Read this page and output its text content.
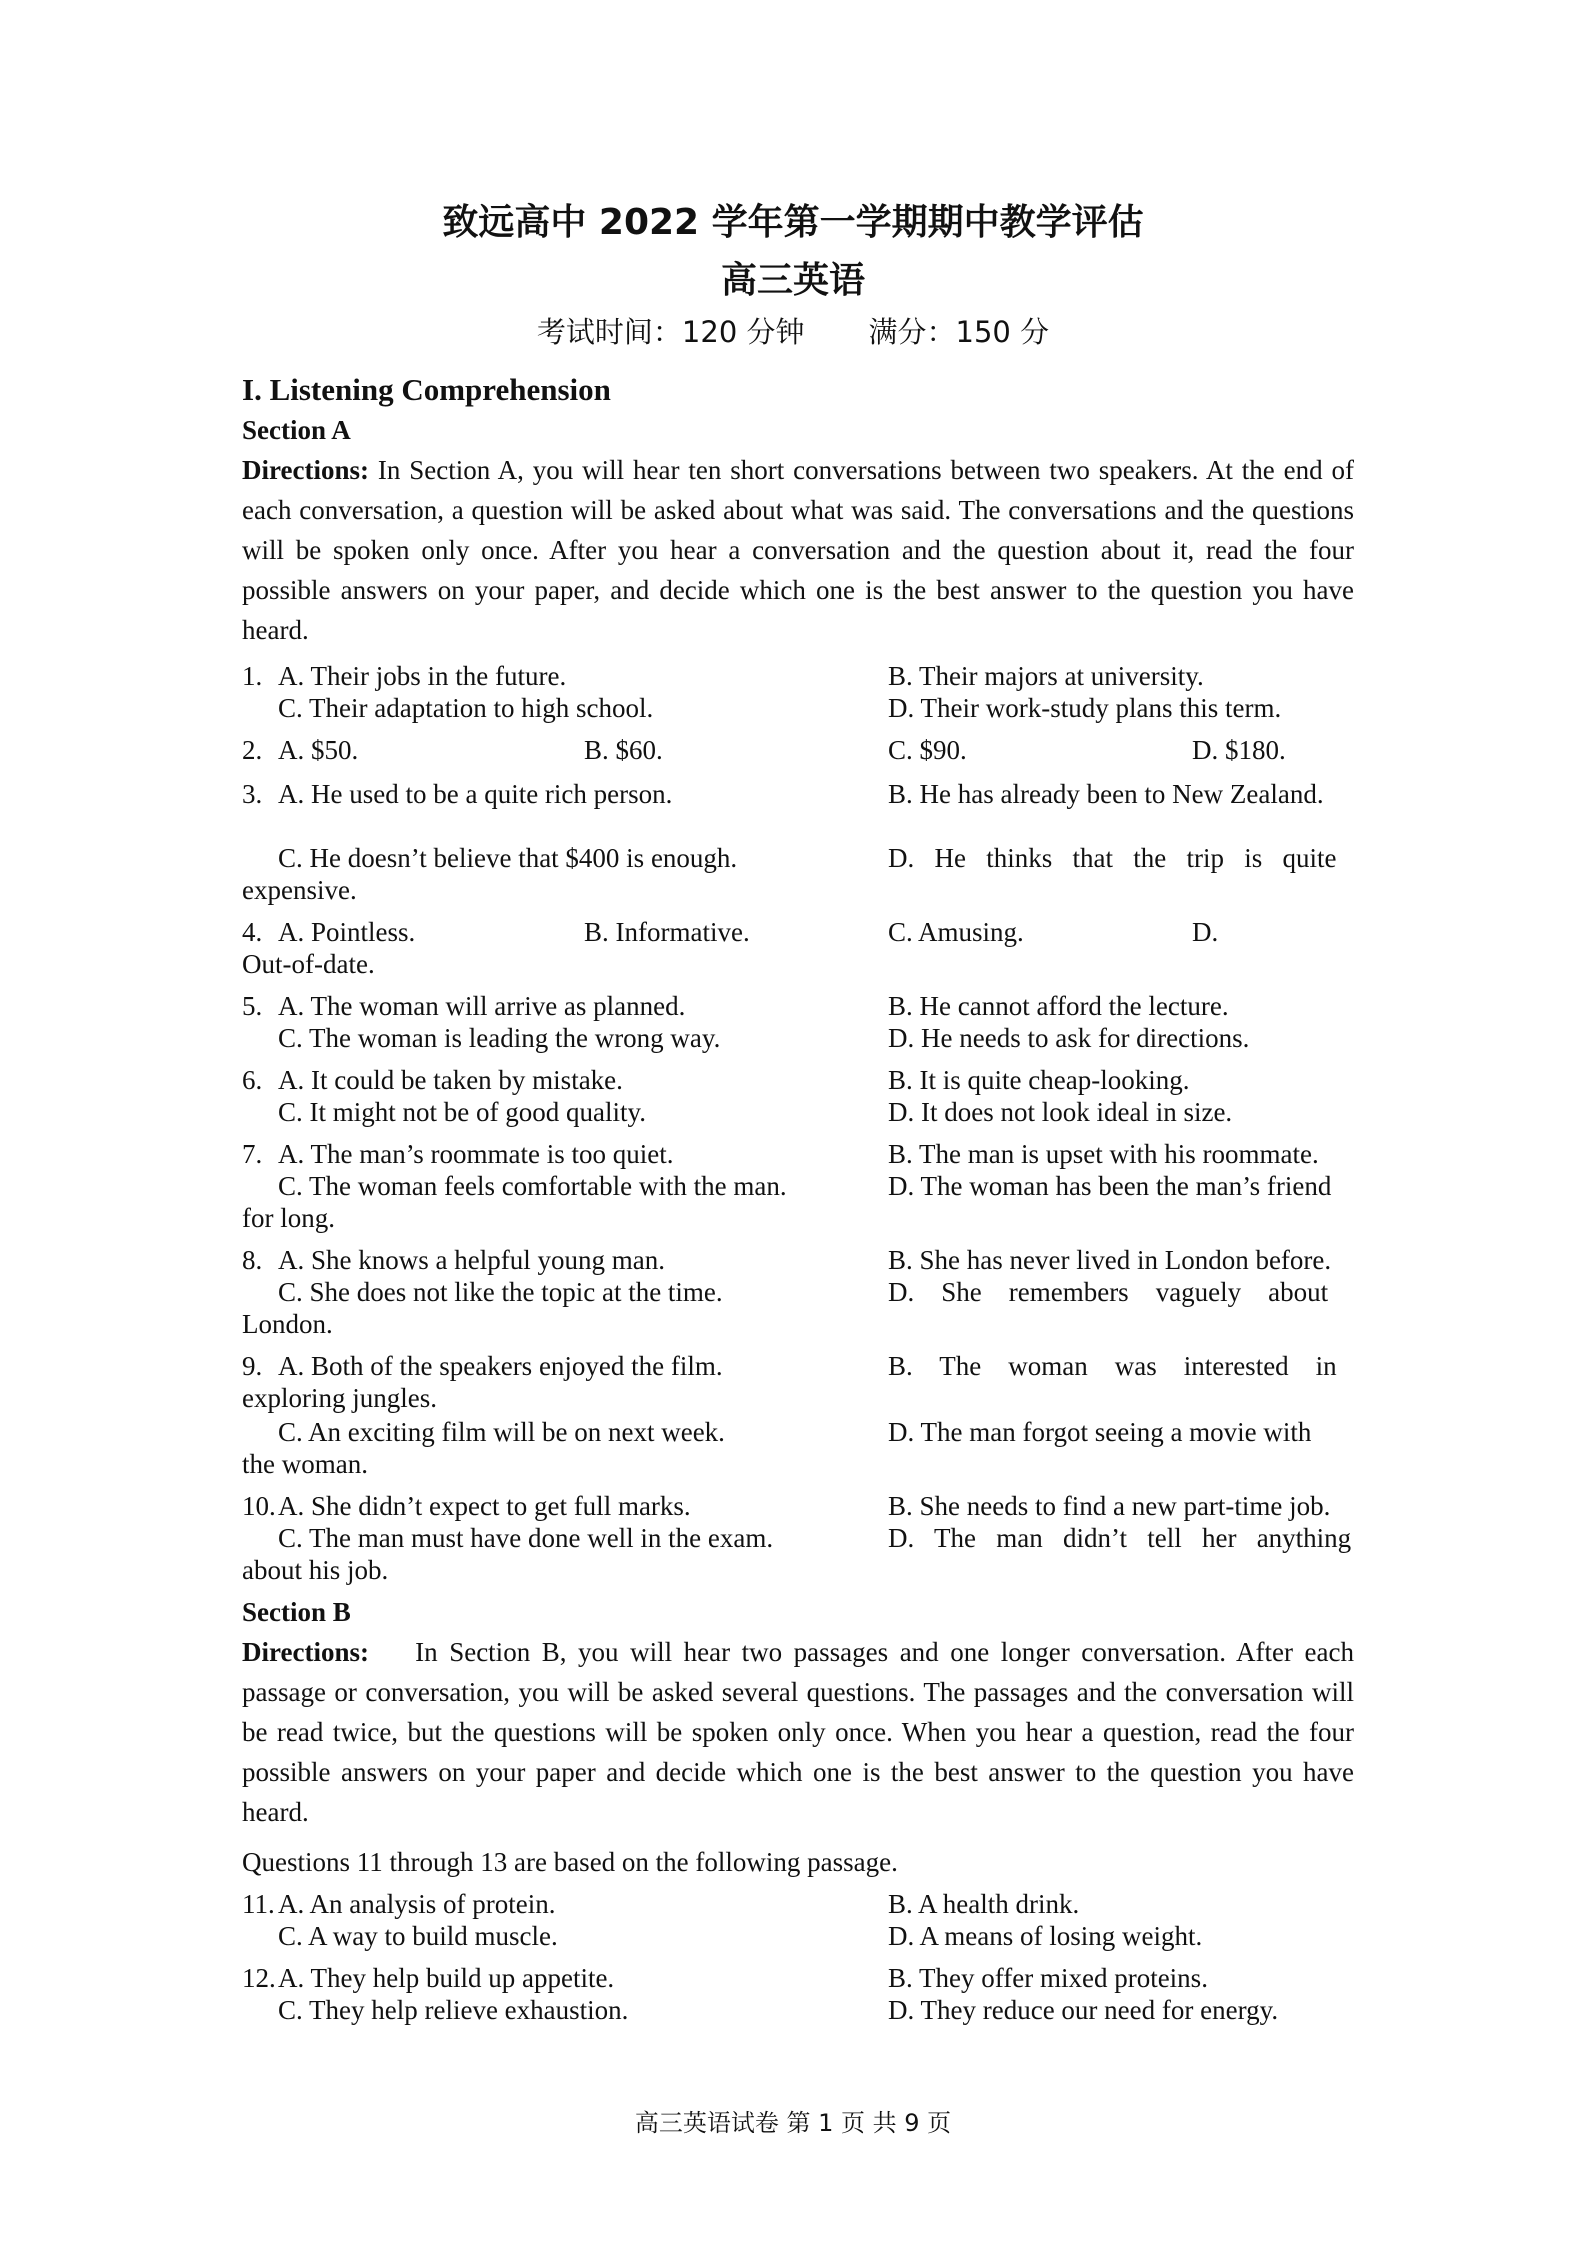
致远高中 2022 学年第一学期期中教学评估
高三英语
考试时间：120 分钟 满分：150 分
I. Listening Comprehension
Section A
Directions: In Section A, you will hear ten short conversations between two speakers. At the end of each conversation, a question will be asked about what was said. The conversations and the questions will be spoken only once. After you hear a conversation and the question about it, read the four possible answers on your paper, and decide which one is the best answer to the question you have heard.
1. A. Their jobs in the future.	B. Their majors at university.
C. Their adaptation to high school.	D. Their work-study plans this term.
2. A. $50.	B. $60.	C. $90.	D. $180.
3. A. He used to be a quite rich person.	B. He has already been to New Zealand.
C. He doesn’t believe that $400 is enough.	D.   He   thinks   that   the   trip   is   quite
expensive.
4. A. Pointless.	B. Informative.	C. Amusing.	D.
Out-of-date.
5. A. The woman will arrive as planned.	B. He cannot afford the lecture.
C. The woman is leading the wrong way.	D. He needs to ask for directions.
6. A. It could be taken by mistake.	B. It is quite cheap-looking.
C. It might not be of good quality.	D. It does not look ideal in size.
7. A. The man’s roommate is too quiet.	B. The man is upset with his roommate.
C. The woman feels comfortable with the man.	D. The woman has been the man’s friend
for long.
8. A. She knows a helpful young man.	B. She has never lived in London before.
C. She does not like the topic at the time.	D.    She    remembers    vaguely    about
London.
9. A. Both of the speakers enjoyed the film.	B.    The    woman    was    interested    in
exploring jungles.
C. An exciting film will be on next week.	D. The man forgot seeing a movie with
the woman.
10. A. She didn’t expect to get full marks.	B. She needs to find a new part-time job.
C. The man must have done well in the exam.	D.   The   man   didn’t   tell   her   anything
about his job.
Section B
Directions:    In Section B, you will hear two passages and one longer conversation. After each passage or conversation, you will be asked several questions. The passages and the conversation will be read twice, but the questions will be spoken only once. When you hear a question, read the four possible answers on your paper and decide which one is the best answer to the question you have heard.
Questions 11 through 13 are based on the following passage.
11. A. An analysis of protein.	B. A health drink.
C. A way to build muscle.	D. A means of losing weight.
12. A. They help build up appetite.	B. They offer mixed proteins.
C. They help relieve exhaustion.	D. They reduce our need for energy.
高三英语试卷 第 1 页 共 9 页
